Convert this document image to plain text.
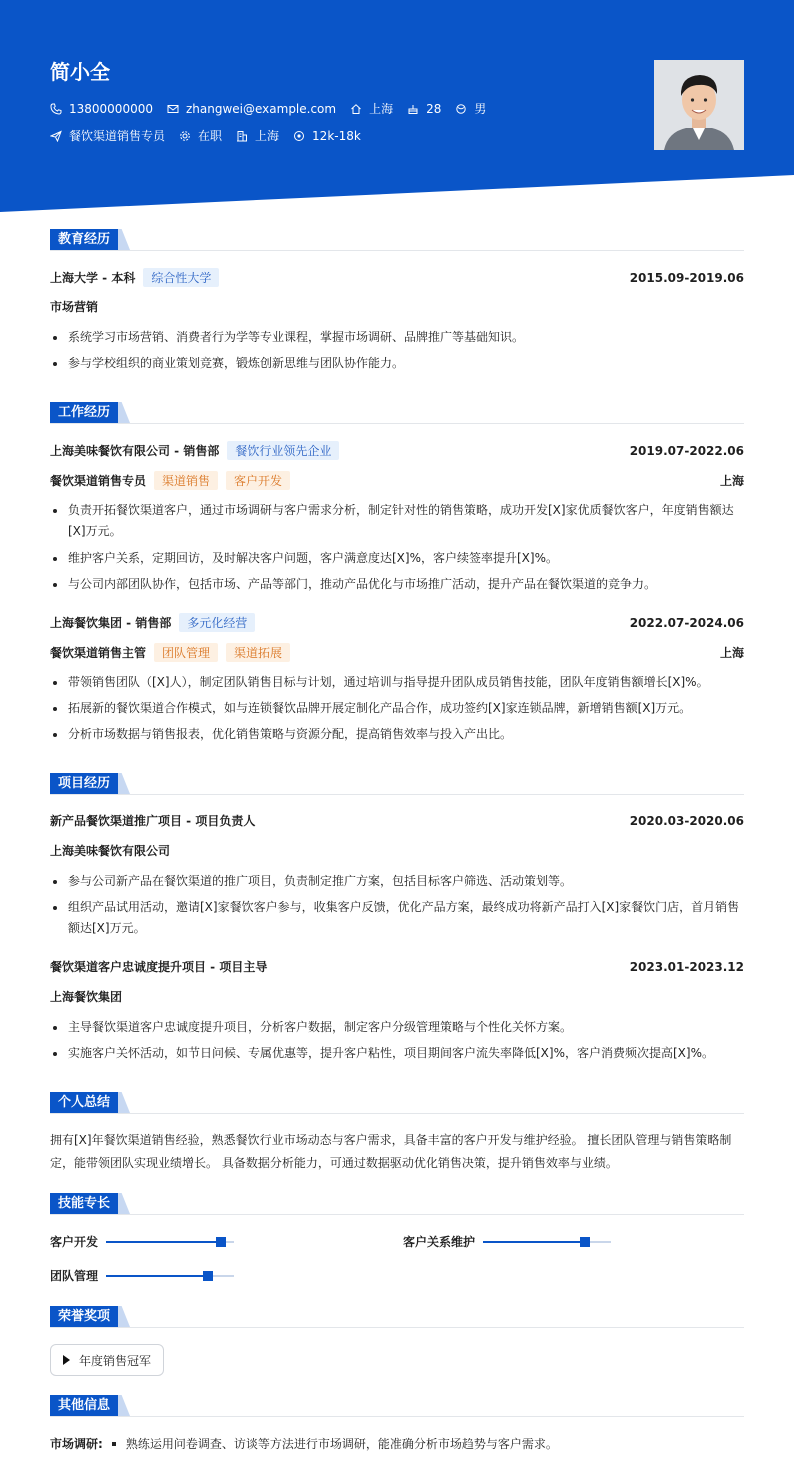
简小全
13800000000	zhangwei@example.com	上海	28	男
餐饮渠道销售专员	在职	上海	12k-18k
教育经历
上海大学 - 本科	综合性大学	2015.09-2019.06
市场营销
系统学习市场营销、消费者行为学等专业课程，掌握市场调研、品牌推广等基础知识。
参与学校组织的商业策划竞赛，锻炼创新思维与团队协作能力。
工作经历
上海美味餐饮有限公司 - 销售部	餐饮行业领先企业	2019.07-2022.06
餐饮渠道销售专员	渠道销售	客户开发	上海
负责开拓餐饮渠道客户，通过市场调研与客户需求分析，制定针对性的销售策略，成功开发[X]家优质餐饮客户，年度销售额达[X]万元。
维护客户关系，定期回访，及时解决客户问题，客户满意度达[X]%，客户续签率提升[X]%。
与公司内部团队协作，包括市场、产品等部门，推动产品优化与市场推广活动，提升产品在餐饮渠道的竞争力。
上海餐饮集团 - 销售部	多元化经营	2022.07-2024.06
餐饮渠道销售主管	团队管理	渠道拓展	上海
带领销售团队（[X]人），制定团队销售目标与计划，通过培训与指导提升团队成员销售技能，团队年度销售额增长[X]%。
拓展新的餐饮渠道合作模式，如与连锁餐饮品牌开展定制化产品合作，成功签约[X]家连锁品牌，新增销售额[X]万元。
分析市场数据与销售报表，优化销售策略与资源分配，提高销售效率与投入产出比。
项目经历
新产品餐饮渠道推广项目 - 项目负责人	2020.03-2020.06
上海美味餐饮有限公司
参与公司新产品在餐饮渠道的推广项目，负责制定推广方案，包括目标客户筛选、活动策划等。
组织产品试用活动，邀请[X]家餐饮客户参与，收集客户反馈，优化产品方案，最终成功将新产品打入[X]家餐饮门店，首月销售额达[X]万元。
餐饮渠道客户忠诚度提升项目 - 项目主导	2023.01-2023.12
上海餐饮集团
主导餐饮渠道客户忠诚度提升项目，分析客户数据，制定客户分级管理策略与个性化关怀方案。
实施客户关怀活动，如节日问候、专属优惠等，提升客户粘性，项目期间客户流失率降低[X]%，客户消费频次提高[X]%。
个人总结
拥有[X]年餐饮渠道销售经验，熟悉餐饮行业市场动态与客户需求，具备丰富的客户开发与维护经验。 擅长团队管理与销售策略制定，能带领团队实现业绩增长。 具备数据分析能力，可通过数据驱动优化销售决策，提升销售效率与业绩。
技能专长
客户开发	客户关系维护
团队管理
荣誉奖项
年度销售冠军
其他信息
市场调研: 熟练运用问卷调查、访谈等方法进行市场调研，能准确分析市场趋势与客户需求。
